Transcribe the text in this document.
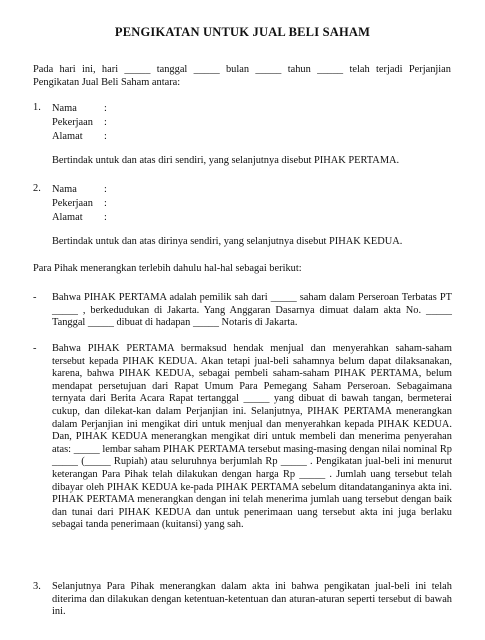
PENGIKATAN UNTUK JUAL BELI SAHAM

Pada hari ini, hari _____ tanggal _____ bulan _____ tahun _____ telah terjadi Perjanjian Pengikatan Jual Beli Saham antara:

1. Nama	:
Pekerjaan :
Alamat :

Bertindak untuk dan atas diri sendiri, yang selanjutnya disebut PIHAK PERTAMA.

2. Nama	:
Pekerjaan :
Alamat :

Bertindak untuk dan atas dirinya sendiri, yang selanjutnya disebut PIHAK KEDUA.

Para Pihak menerangkan terlebih dahulu hal-hal sebagai berikut:

- Bahwa PIHAK PERTAMA adalah pemilik sah dari _____ saham dalam Perseroan Terbatas PT _____ , berkedudukan di Jakarta. Yang Anggaran Dasarnya dimuat dalam akta No. _____ Tanggal _____ dibuat di hadapan _____ Notaris di Jakarta.

- Bahwa PIHAK PERTAMA bermaksud hendak menjual dan menyerahkan saham-saham tersebut kepada PIHAK KEDUA. Akan tetapi jual-beli sahamnya belum dapat dilaksanakan, karena, bahwa PIHAK KEDUA, sebagai pembeli saham-saham PIHAK PERTAMA, belum mendapat persetujuan dari Rapat Umum Para Pemegang Saham Perseroan. Sebagaimana ternyata dari Berita Acara Rapat tertanggal _____ yang dibuat di bawah tangan, bermeterai cukup, dan dilekat-kan dalam Perjanjian ini. Selanjutnya, PIHAK PERTAMA menerangkan dalam Perjanjian ini mengikat diri untuk menjual dan menyerahkan kepada PIHAK KEDUA. Dan, PIHAK KEDUA menerangkan mengikat diri untuk membeli dan menerima penyerahan atas: _____ lembar saham PIHAK PERTAMA tersebut masing-masing dengan nilai nominal Rp _____ (_____ Rupiah) atau seluruhnya berjumlah Rp _____ . Pengikatan jual-beli ini menurut keterangan Para Pihak telah dilakukan dengan harga Rp _____ . Jumlah uang tersebut telah dibayar oleh PIHAK KEDUA ke-pada PIHAK PERTAMA sebelum ditandatanganinya akta ini. PIHAK PERTAMA menerangkan dengan ini telah menerima jumlah uang tersebut dengan baik dan tunai dari PIHAK KEDUA dan untuk penerimaan uang tersebut akta ini juga berlaku sebagai tanda penerimaan (kuitansi) yang sah.

3. Selanjutnya Para Pihak menerangkan dalam akta ini bahwa pengikatan jual-beli ini telah diterima dan dilakukan dengan ketentuan-ketentuan dan aturan-aturan seperti tersebut di bawah ini.
